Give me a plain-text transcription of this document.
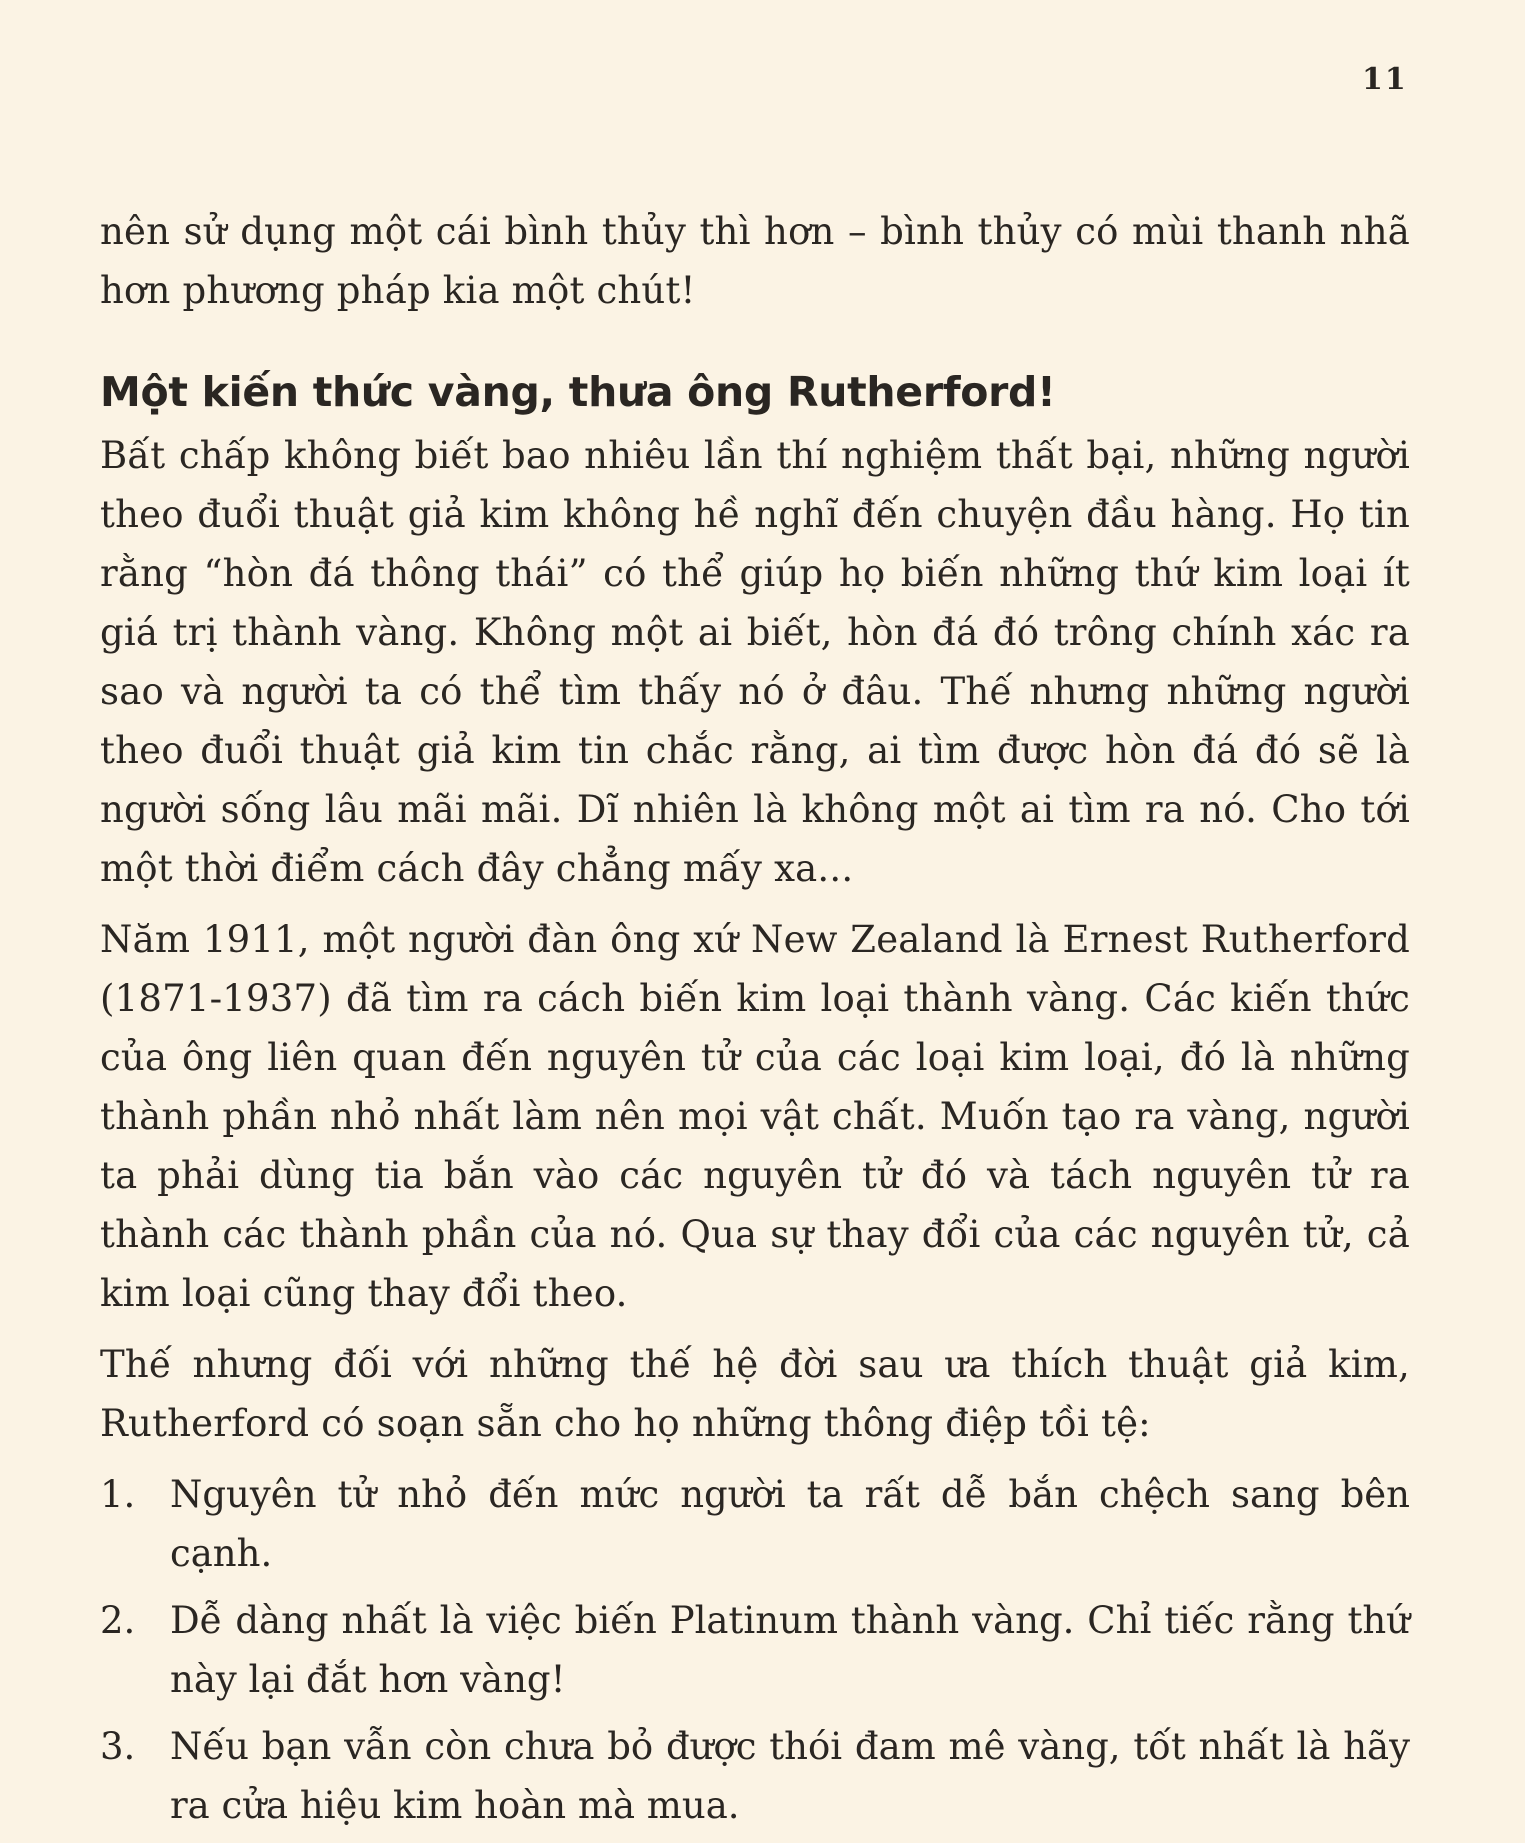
11

nên sử dụng một cái bình thủy thì hơn – bình thủy có mùi thanh nhã hơn phương pháp kia một chút!

Một kiến thức vàng, thưa ông Rutherford!

Bất chấp không biết bao nhiêu lần thí nghiệm thất bại, những người theo đuổi thuật giả kim không hề nghĩ đến chuyện đầu hàng. Họ tin rằng “hòn đá thông thái” có thể giúp họ biến những thứ kim loại ít giá trị thành vàng. Không một ai biết, hòn đá đó trông chính xác ra sao và người ta có thể tìm thấy nó ở đâu. Thế nhưng những người theo đuổi thuật giả kim tin chắc rằng, ai tìm được hòn đá đó sẽ là người sống lâu mãi mãi. Dĩ nhiên là không một ai tìm ra nó. Cho tới một thời điểm cách đây chẳng mấy xa...

Năm 1911, một người đàn ông xứ New Zealand là Ernest Rutherford (1871-1937) đã tìm ra cách biến kim loại thành vàng. Các kiến thức của ông liên quan đến nguyên tử của các loại kim loại, đó là những thành phần nhỏ nhất làm nên mọi vật chất. Muốn tạo ra vàng, người ta phải dùng tia bắn vào các nguyên tử đó và tách nguyên tử ra thành các thành phần của nó. Qua sự thay đổi của các nguyên tử, cả kim loại cũng thay đổi theo.

Thế nhưng đối với những thế hệ đời sau ưa thích thuật giả kim, Rutherford có soạn sẵn cho họ những thông điệp tồi tệ:

1. Nguyên tử nhỏ đến mức người ta rất dễ bắn chệch sang bên cạnh.
2. Dễ dàng nhất là việc biến Platinum thành vàng. Chỉ tiếc rằng thứ này lại đắt hơn vàng!
3. Nếu bạn vẫn còn chưa bỏ được thói đam mê vàng, tốt nhất là hãy ra cửa hiệu kim hoàn mà mua.
